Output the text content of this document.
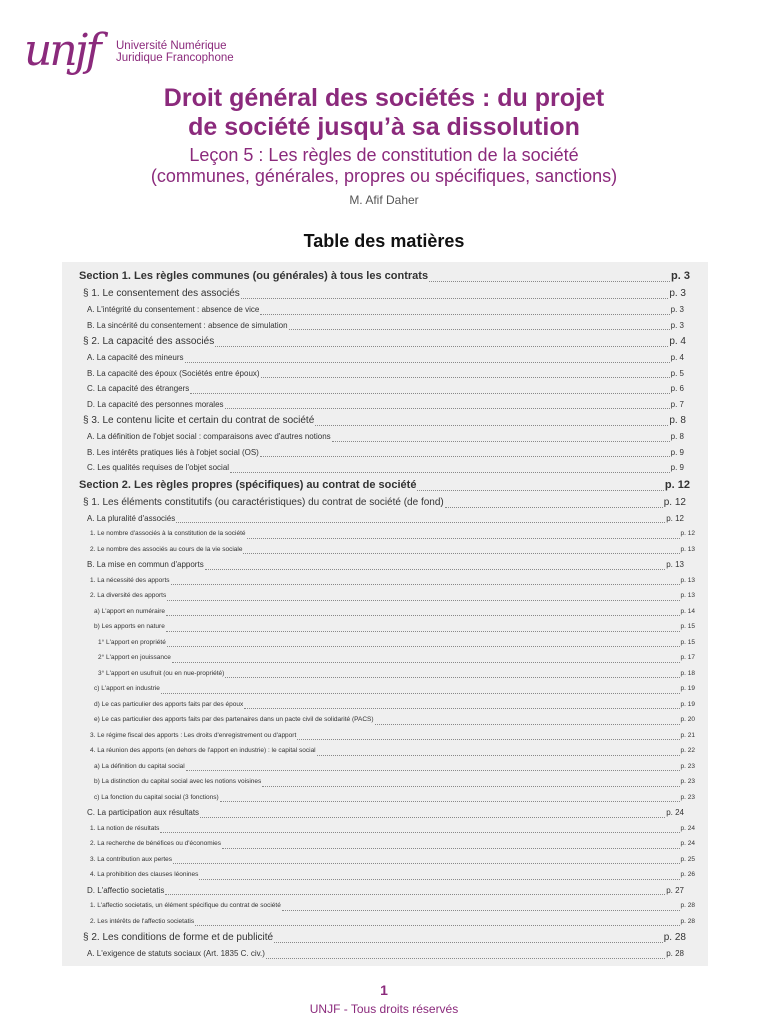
unjf Université Numérique
Juridique Francophone
Droit général des sociétés : du projet
de société jusqu’à sa dissolution
Leçon 5 : Les règles de constitution de la société
(communes, générales, propres ou spécifiques, sanctions)
M. Afif Daher
Table des matières
Section 1. Les règles communes (ou générales) à tous les contrats	p. 3
§ 1. Le consentement des associés	p. 3
A. L'intégrité du consentement : absence de vice	p. 3
B. La sincérité du consentement : absence de simulation	p. 3
§ 2. La capacité des associés	p. 4
A. La capacité des mineurs	p. 4
B. La capacité des époux (Sociétés entre époux)	p. 5
C. La capacité des étrangers	p. 6
D. La capacité des personnes morales	p. 7
§ 3. Le contenu licite et certain du contrat de société	p. 8
A. La définition de l'objet social : comparaisons avec d'autres notions	p. 8
B. Les intérêts pratiques liés à l'objet social (OS)	p. 9
C. Les qualités requises de l'objet social	p. 9
Section 2. Les règles propres (spécifiques) au contrat de société	p. 12
§ 1. Les éléments constitutifs (ou caractéristiques) du contrat de société (de fond)	p. 12
A. La pluralité d'associés	p. 12
1. Le nombre d'associés à la constitution de la société	p. 12
2. Le nombre des associés au cours de la vie sociale	p. 13
B. La mise en commun d'apports	p. 13
1. La nécessité des apports	p. 13
2. La diversité des apports	p. 13
a) L'apport en numéraire	p. 14
b) Les apports en nature	p. 15
1° L'apport en propriété	p. 15
2° L'apport en jouissance	p. 17
3° L'apport en usufruit (ou en nue-propriété)	p. 18
c) L'apport en industrie	p. 19
d) Le cas particulier des apports faits par des époux	p. 19
e) Le cas particulier des apports faits par des partenaires dans un pacte civil de solidarité (PACS)	p. 20
3. Le régime fiscal des apports : Les droits d'enregistrement ou d'apport	p. 21
4. La réunion des apports (en dehors de l'apport en industrie) : le capital social	p. 22
a) La définition du capital social	p. 23
b) La distinction du capital social avec les notions voisines	p. 23
c) La fonction du capital social (3 fonctions)	p. 23
C. La participation aux résultats	p. 24
1. La notion de résultats	p. 24
2. La recherche de bénéfices ou d'économies	p. 24
3. La contribution aux pertes	p. 25
4. La prohibition des clauses léonines	p. 26
D. L'affectio societatis	p. 27
1. L'affectio societatis, un élément spécifique du contrat de société	p. 28
2. Les intérêts de l'affectio societatis	p. 28
§ 2. Les conditions de forme et de publicité	p. 28
A. L'exigence de statuts sociaux (Art. 1835 C. civ.)	p. 28
1
UNJF - Tous droits réservés
